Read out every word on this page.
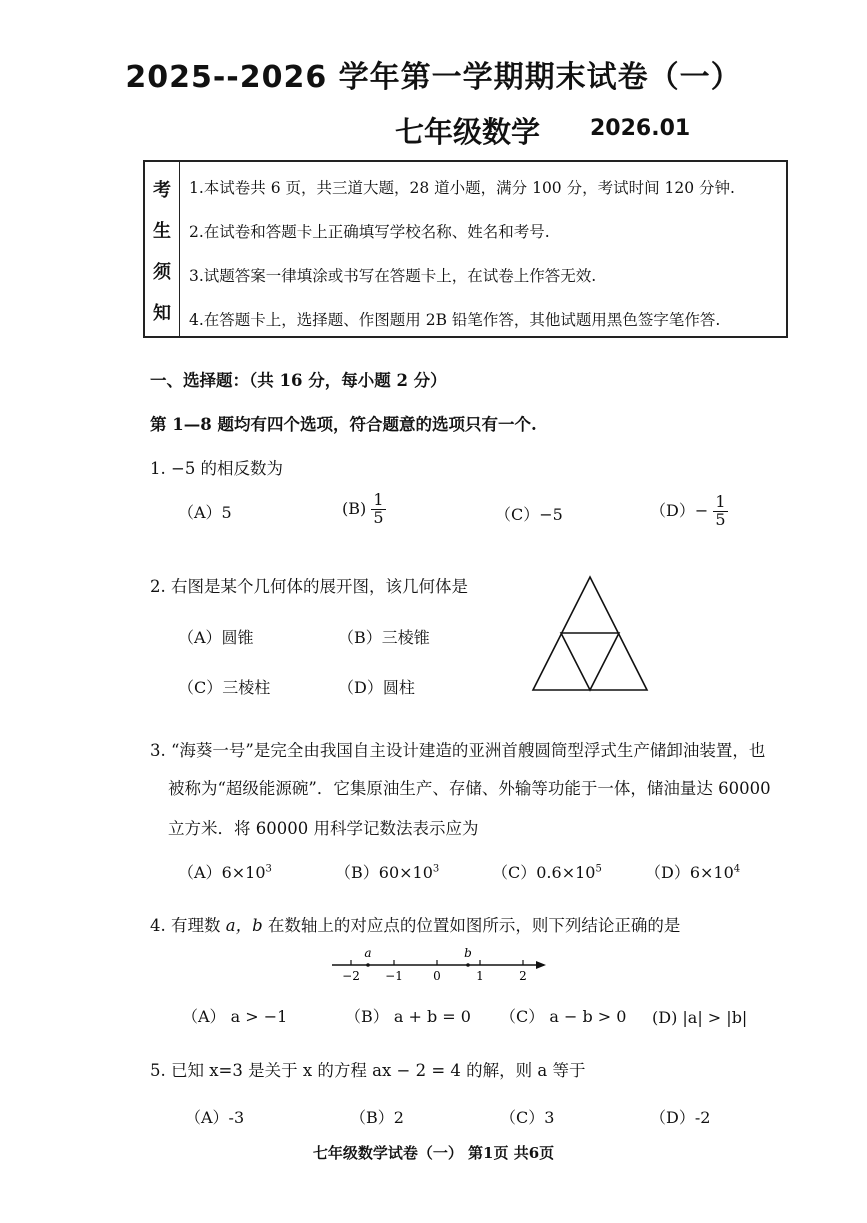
2025--2026 学年第一学期期末试卷（一）
七年级数学 2026.01
考
生
须
知
1.本试卷共 6 页，共三道大题，28 道小题，满分 100 分，考试时间 120 分钟.
2.在试卷和答题卡上正确填写学校名称、姓名和考号.
3.试题答案一律填涂或书写在答题卡上，在试卷上作答无效.
4.在答题卡上，选择题、作图题用 2B 铅笔作答，其他试题用黑色签字笔作答.
一、选择题：（共 16 分，每小题 2 分）
第 1—8 题均有四个选项，符合题意的选项只有一个.
1. −5 的相反数为
（A）5	$(B) \frac{1}{5}$	（C）−5	$(D)- \frac{1}{5}$
2. 右图是某个几何体的展开图，该几何体是
（A）圆锥	（B）三棱锥
（C）三棱柱	（D）圆柱
3. “海葵一号”是完全由我国自主设计建造的亚洲首艘圆筒型浮式生产储卸油装置，也
被称为“超级能源碗”．它集原油生产、存储、外输等功能于一体，储油量达 60000
立方米．将 60000 用科学记数法表示应为
$(A)6\times 10^3$	$(B)60\times 10^3$	$(C)0.6\times 10^5$	$(D)6\times 10^4$
4. 有理数 a，b 在数轴上的对应点的位置如图所示，则下列结论正确的是
a	b
−2 −1	0	1	2
（A） a > −1	（B） a + b = 0 （C） a − b > 0 (D) |a| > |b|
5. 已知 x=3 是关于 x 的方程 ax − 2 = 4 的解，则 a 等于
（A）-3	（B）2	（C）3	（D）-2
七年级数学试卷（一） 第1页 共6页
